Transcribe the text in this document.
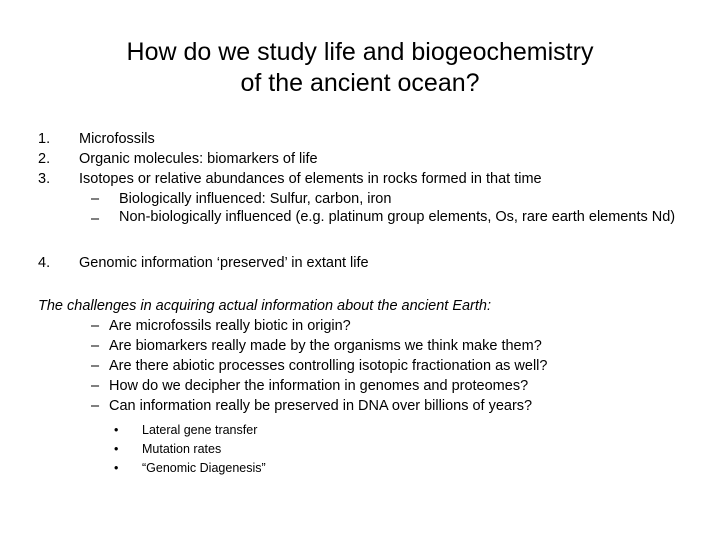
How do we study life and biogeochemistry
of the ancient ocean?
1. Microfossils
2. Organic molecules: biomarkers of life
3. Isotopes or relative abundances of elements in rocks formed in that time
– Biologically influenced: Sulfur, carbon, iron
– Non-biologically influenced (e.g. platinum group elements, Os, rare earth elements Nd)
4. Genomic information ‘preserved’ in extant life
The challenges in acquiring actual information about the ancient Earth:
– Are microfossils really biotic in origin?
– Are biomarkers really made by the organisms we think make them?
– Are there abiotic processes controlling isotopic fractionation as well?
– How do we decipher the information in genomes and proteomes?
– Can information really be preserved in DNA over billions of years?
• Lateral gene transfer
• Mutation rates
• “Genomic Diagenesis”
